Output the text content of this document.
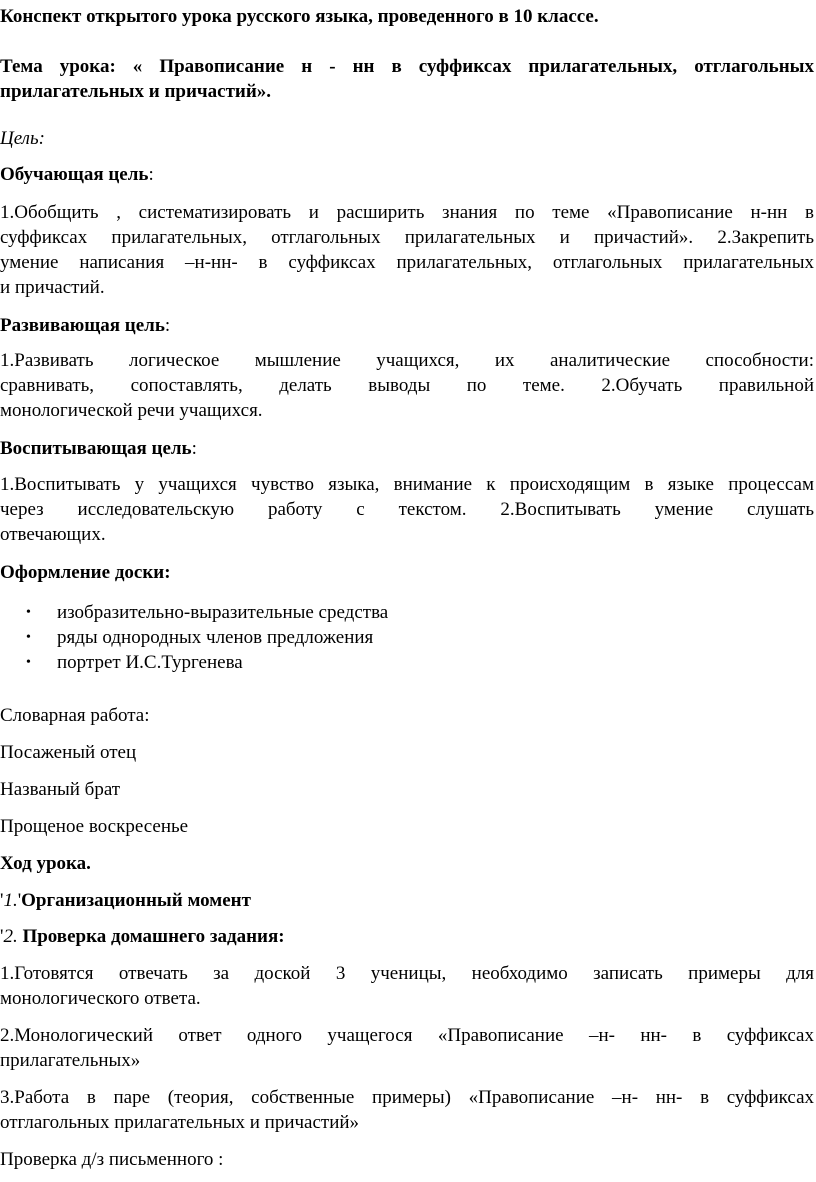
Конспект открытого урока русского языка, проведенного в 10 классе.
Тема урока: « Правописание н - нн в суффиксах прилагательных, отглагольных
прилагательных и причастий».
Цель:
Обучающая цель:
1.Обобщить , систематизировать и расширить знания по теме «Правописание н-нн в
суффиксах прилагательных, отглагольных прилагательных и причастий». 2.Закрепить
умение написания –н-нн- в суффиксах прилагательных, отглагольных прилагательных
и причастий.
Развивающая цель:
1.Развивать логическое мышление учащихся, их аналитические способности:
сравнивать, сопоставлять, делать выводы по теме. 2.Обучать правильной
монологической речи учащихся.
Воспитывающая цель:
1.Воспитывать у учащихся чувство языка, внимание к происходящим в языке процессам
через исследовательскую работу с текстом. 2.Воспитывать умение слушать
отвечающих.
Оформление доски:
• изобразительно-выразительные средства
• ряды однородных членов предложения
• портрет И.С.Тургенева
Словарная работа:
Посаженый отец
Названый брат
Прощеное воскресенье
Ход урока.
'1.'Организационный момент
'2. Проверка домашнего задания:
1.Готовятся отвечать за доской 3 ученицы, необходимо записать примеры для
монологического ответа.
2.Монологический ответ одного учащегося «Правописание –н- нн- в суффиксах
прилагательных»
3.Работа в паре (теория, собственные примеры) «Правописание –н- нн- в суффиксах
отглагольных прилагательных и причастий»
Проверка д/з письменного :
